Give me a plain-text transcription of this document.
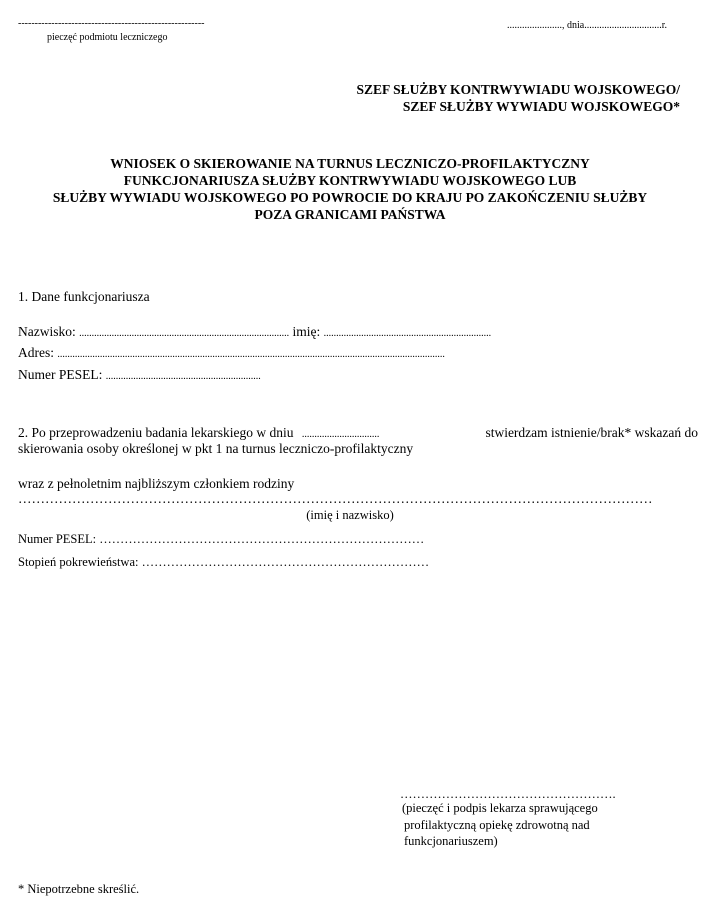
--------------------------------------------------------
pieczęć podmiotu leczniczego
......................, dnia...............................r.
SZEF SŁUŻBY KONTRWYWIADU WOJSKOWEGO/
SZEF SŁUŻBY WYWIADU WOJSKOWEGO*
WNIOSEK O SKIEROWANIE NA TURNUS LECZNICZO-PROFILAKTYCZNY
FUNKCJONARIUSZA SŁUŻBY KONTRWYWIADU WOJSKOWEGO LUB
SŁUŻBY WYWIADU WOJSKOWEGO PO POWROCIE DO KRAJU PO ZAKOŃCZENIU SŁUŻBY
POZA GRANICAMI PAŃSTWA
1. Dane funkcjonariusza
Nazwisko: .................................................................................... imię: ...................................................................
Adres: ...........................................................................................................................................................
Numer PESEL: ..............................................................
2. Po przeprowadzeniu badania lekarskiego w dniu ...............................	stwierdzam istnienie/brak* wskazań do
skierowania osoby określonej w pkt 1 na turnus leczniczo-profilaktyczny
wraz z pełnoletnim najbliższym członkiem rodziny
……………………………………………………………………………………………………………………………
(imię i nazwisko)
Numer PESEL: ……………………………………………………………………
Stopień pokrewieństwa: ……………………………………………………………
…………………………………………….
(pieczęć i podpis lekarza sprawującego
profilaktyczną opiekę zdrowotną nad
funkcjonariuszem)
* Niepotrzebne skreślić.
